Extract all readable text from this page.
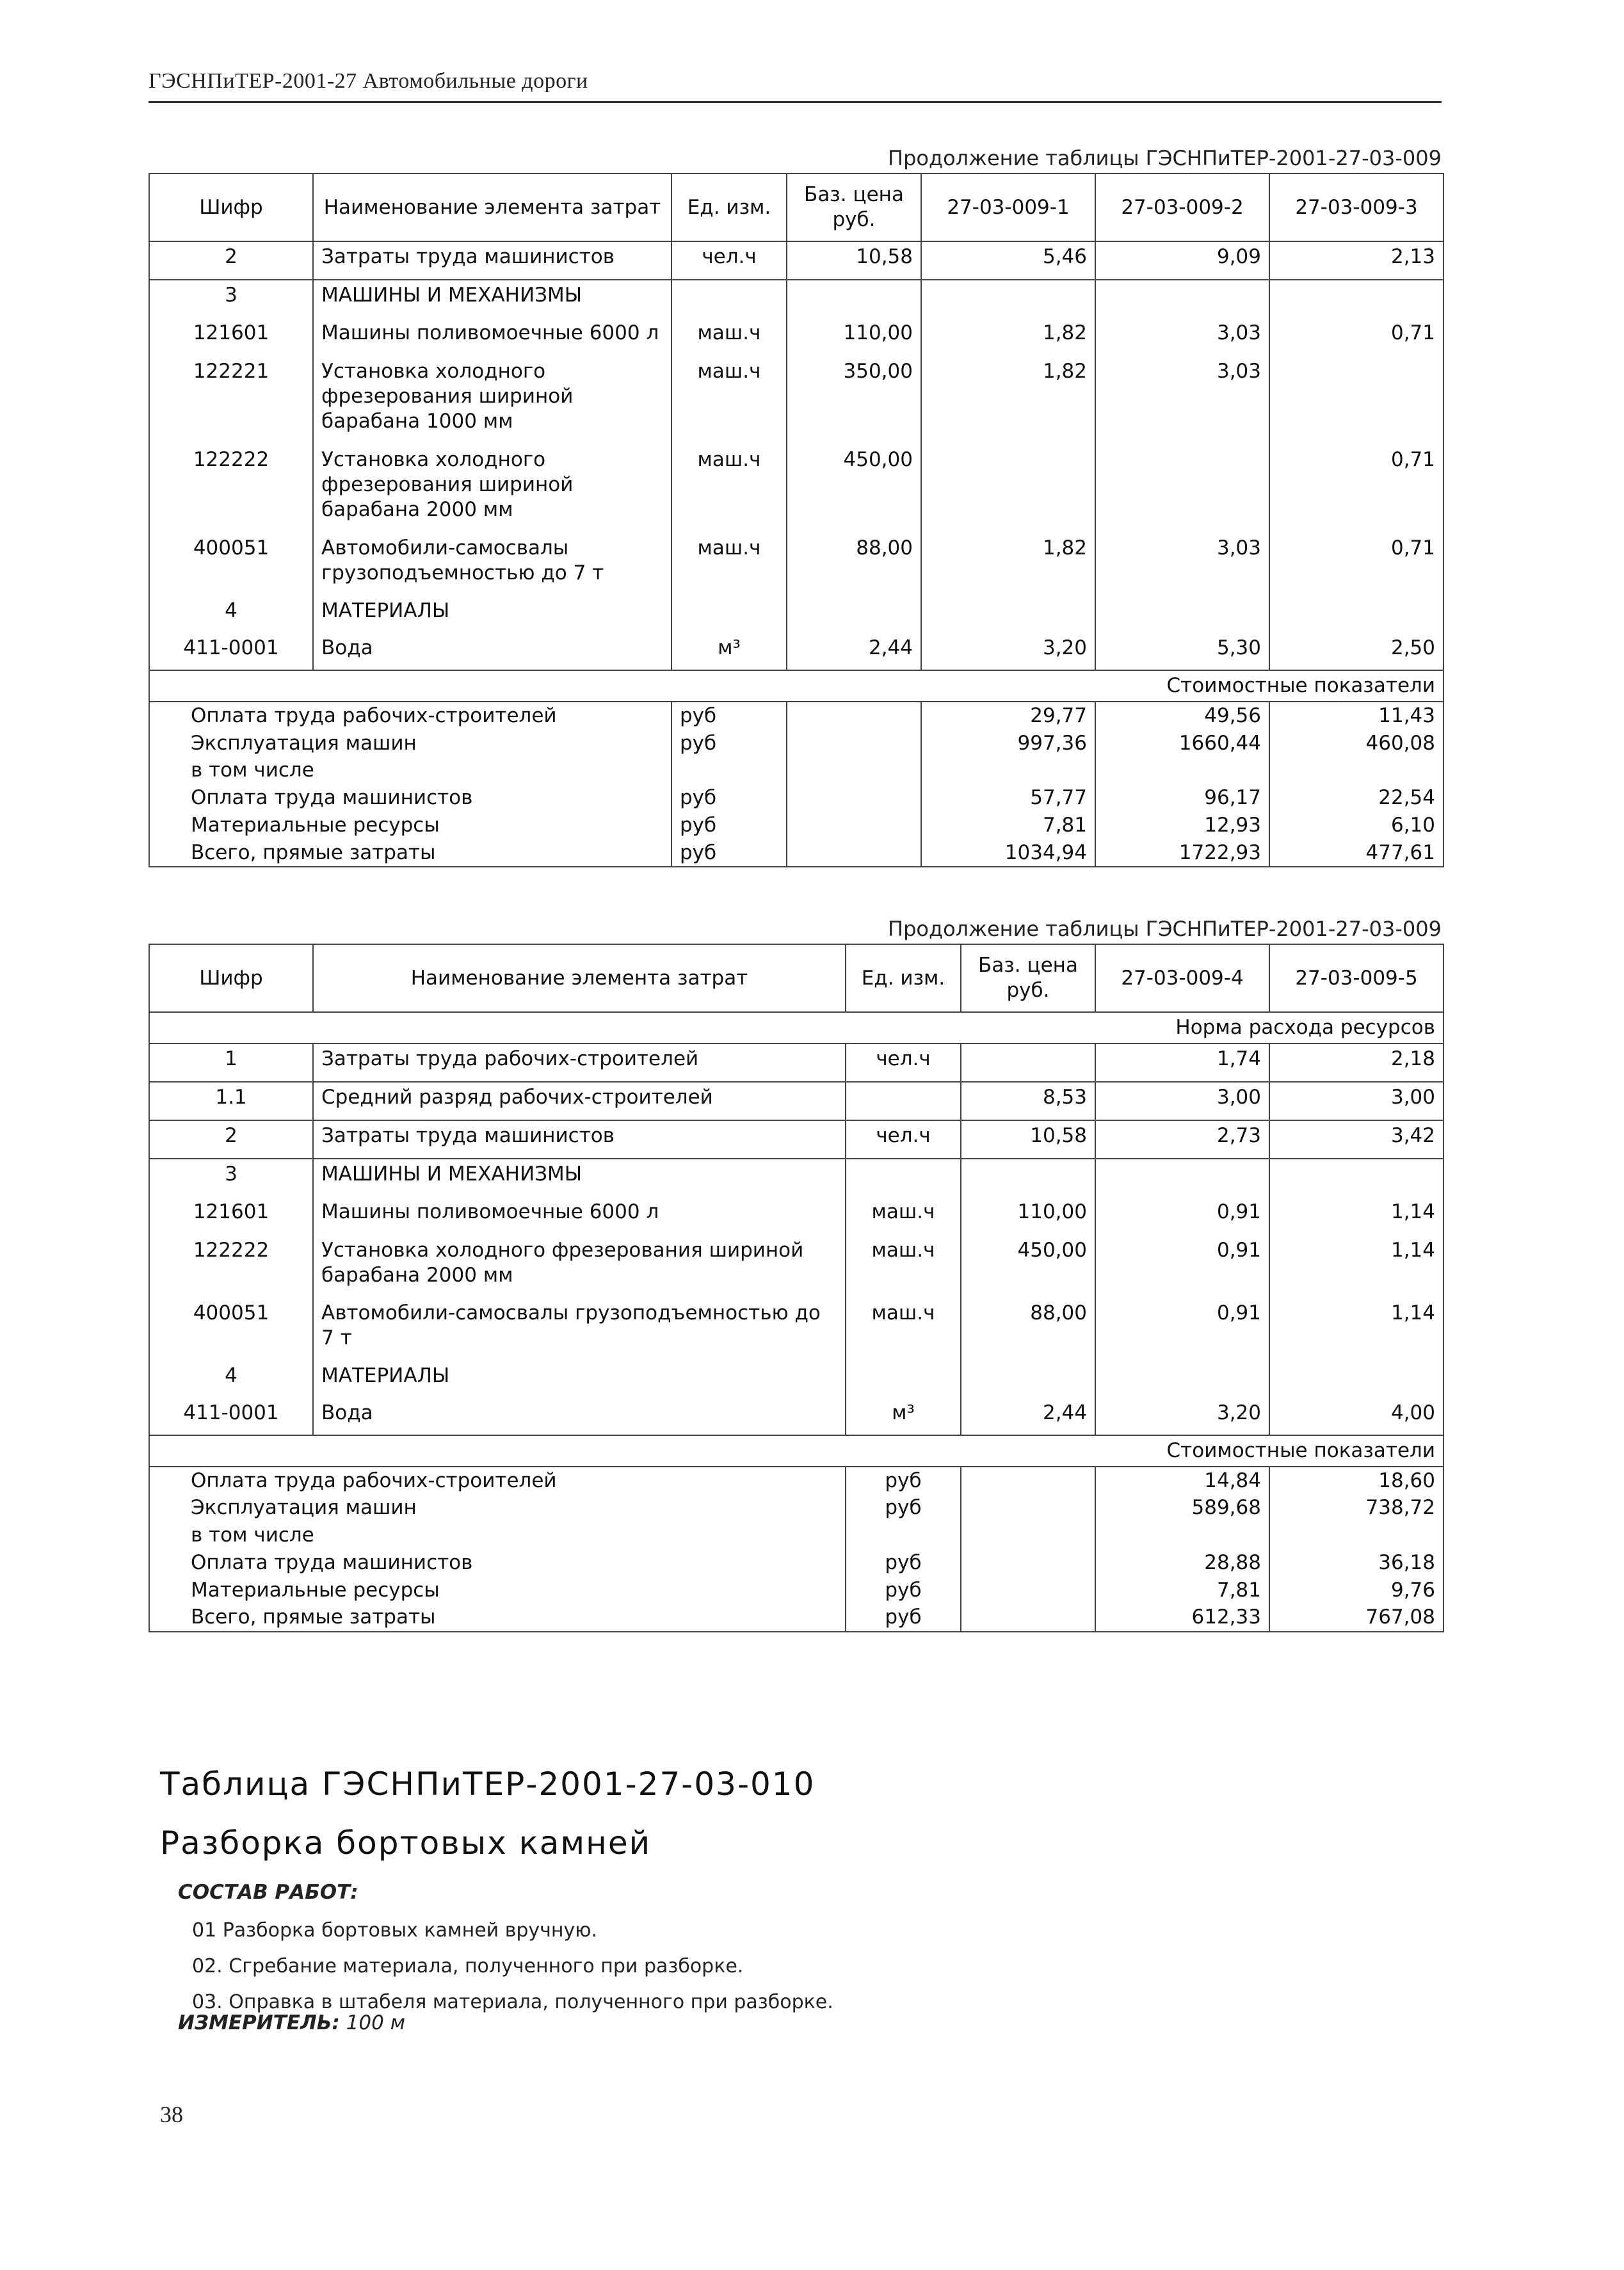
ГЭСНПиТЕР-2001-27 Автомобильные дороги
Продолжение таблицы ГЭСНПиТЕР-2001-27-03-009
Шифр	Наименование элемента затрат	Ед. изм.	Баз. цена руб.	27-03-009-1	27-03-009-2	27-03-009-3
2	Затраты труда машинистов	чел.ч	10,58	5,46	9,09	2,13
3	МАШИНЫ И МЕХАНИЗМЫ					
121601	Машины поливомоечные 6000 л	маш.ч	110,00	1,82	3,03	0,71
122221	Установка холодного фрезерования шириной барабана 1000 мм	маш.ч	350,00	1,82	3,03	
122222	Установка холодного фрезерования шириной барабана 2000 мм	маш.ч	450,00			0,71
400051	Автомобили-самосвалы грузоподъемностью до 7 т	маш.ч	88,00	1,82	3,03	0,71
4	МАТЕРИАЛЫ					
411-0001	Вода	м³	2,44	3,20	5,30	2,50
Стоимостные показатели						
Оплата труда рабочих-строителей		руб		29,77	49,56	11,43
Эксплуатация машин		руб		997,36	1660,44	460,08
в том числе						
Оплата труда машинистов		руб		57,77	96,17	22,54
Материальные ресурсы		руб		7,81	12,93	6,10
Всего, прямые затраты		руб		1034,94	1722,93	477,61
Продолжение таблицы ГЭСНПиТЕР-2001-27-03-009
Шифр	Наименование элемента затрат	Ед. изм.	Баз. цена руб.	27-03-009-4	27-03-009-5
Норма расхода ресурсов					
1	Затраты труда рабочих-строителей	чел.ч		1,74	2,18
1.1	Средний разряд рабочих-строителей		8,53	3,00	3,00
2	Затраты труда машинистов	чел.ч	10,58	2,73	3,42
3	МАШИНЫ И МЕХАНИЗМЫ				
121601	Машины поливомоечные 6000 л	маш.ч	110,00	0,91	1,14
122222	Установка холодного фрезерования шириной барабана 2000 мм	маш.ч	450,00	0,91	1,14
400051	Автомобили-самосвалы грузоподъемностью до 7 т	маш.ч	88,00	0,91	1,14
4	МАТЕРИАЛЫ				
411-0001	Вода	м³	2,44	3,20	4,00
Стоимостные показатели					
Оплата труда рабочих-строителей		руб		14,84	18,60
Эксплуатация машин		руб		589,68	738,72
в том числе					
Оплата труда машинистов		руб		28,88	36,18
Материальные ресурсы		руб		7,81	9,76
Всего, прямые затраты		руб		612,33	767,08
Таблица ГЭСНПиТЕР-2001-27-03-010
Разборка бортовых камней
СОСТАВ РАБОТ:
01 Разборка бортовых камней вручную.
02. Сгребание материала, полученного при разборке.
03. Оправка в штабеля материала, полученного при разборке.
ИЗМЕРИТЕЛЬ: 100 м
38
